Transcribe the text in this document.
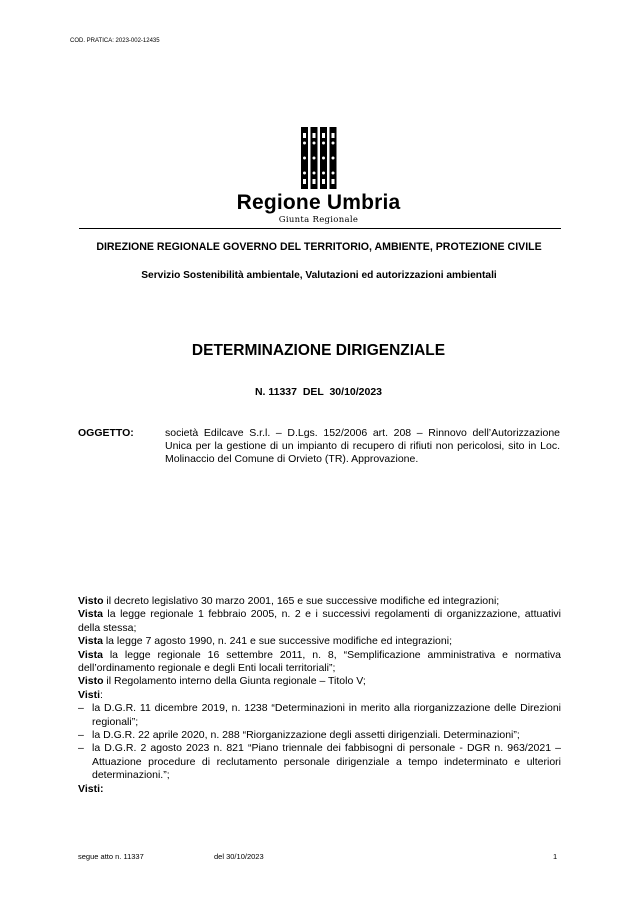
COD. PRATICA: 2023-002-12435
Regione Umbria
Giunta Regionale
DIREZIONE REGIONALE GOVERNO DEL TERRITORIO, AMBIENTE, PROTEZIONE CIVILE
Servizio Sostenibilità ambientale, Valutazioni ed autorizzazioni ambientali
DETERMINAZIONE DIRIGENZIALE
N. 11337  DEL  30/10/2023
OGGETTO:	società Edilcave S.r.l. – D.Lgs. 152/2006 art. 208 – Rinnovo dell’Autorizzazione Unica per la gestione di un impianto di recupero di rifiuti non pericolosi, sito in Loc. Molinaccio del Comune di Orvieto (TR). Approvazione.

Visto il decreto legislativo 30 marzo 2001, 165 e sue successive modifiche ed integrazioni;

Vista la legge regionale 1 febbraio 2005, n. 2 e i successivi regolamenti di organizzazione, attuativi della stessa;

Vista la legge 7 agosto 1990, n. 241 e sue successive modifiche ed integrazioni;

Vista la legge regionale 16 settembre 2011, n. 8, “Semplificazione amministrativa e normativa dell’ordinamento regionale e degli Enti locali territoriali”;

Visto il Regolamento interno della Giunta regionale – Titolo V;

Visti:

– la D.G.R. 11 dicembre 2019, n. 1238 “Determinazioni in merito alla riorganizzazione delle Direzioni regionali”;

– la D.G.R. 22 aprile 2020, n. 288 “Riorganizzazione degli assetti dirigenziali. Determinazioni”;

– la D.G.R. 2 agosto 2023 n. 821 “Piano triennale dei fabbisogni di personale - DGR n. 963/2021 – Attuazione procedure di reclutamento personale dirigenziale a tempo indeterminato e ulteriori determinazioni.”;

Visti:

segue atto n. 11337	del 30/10/2023	1
